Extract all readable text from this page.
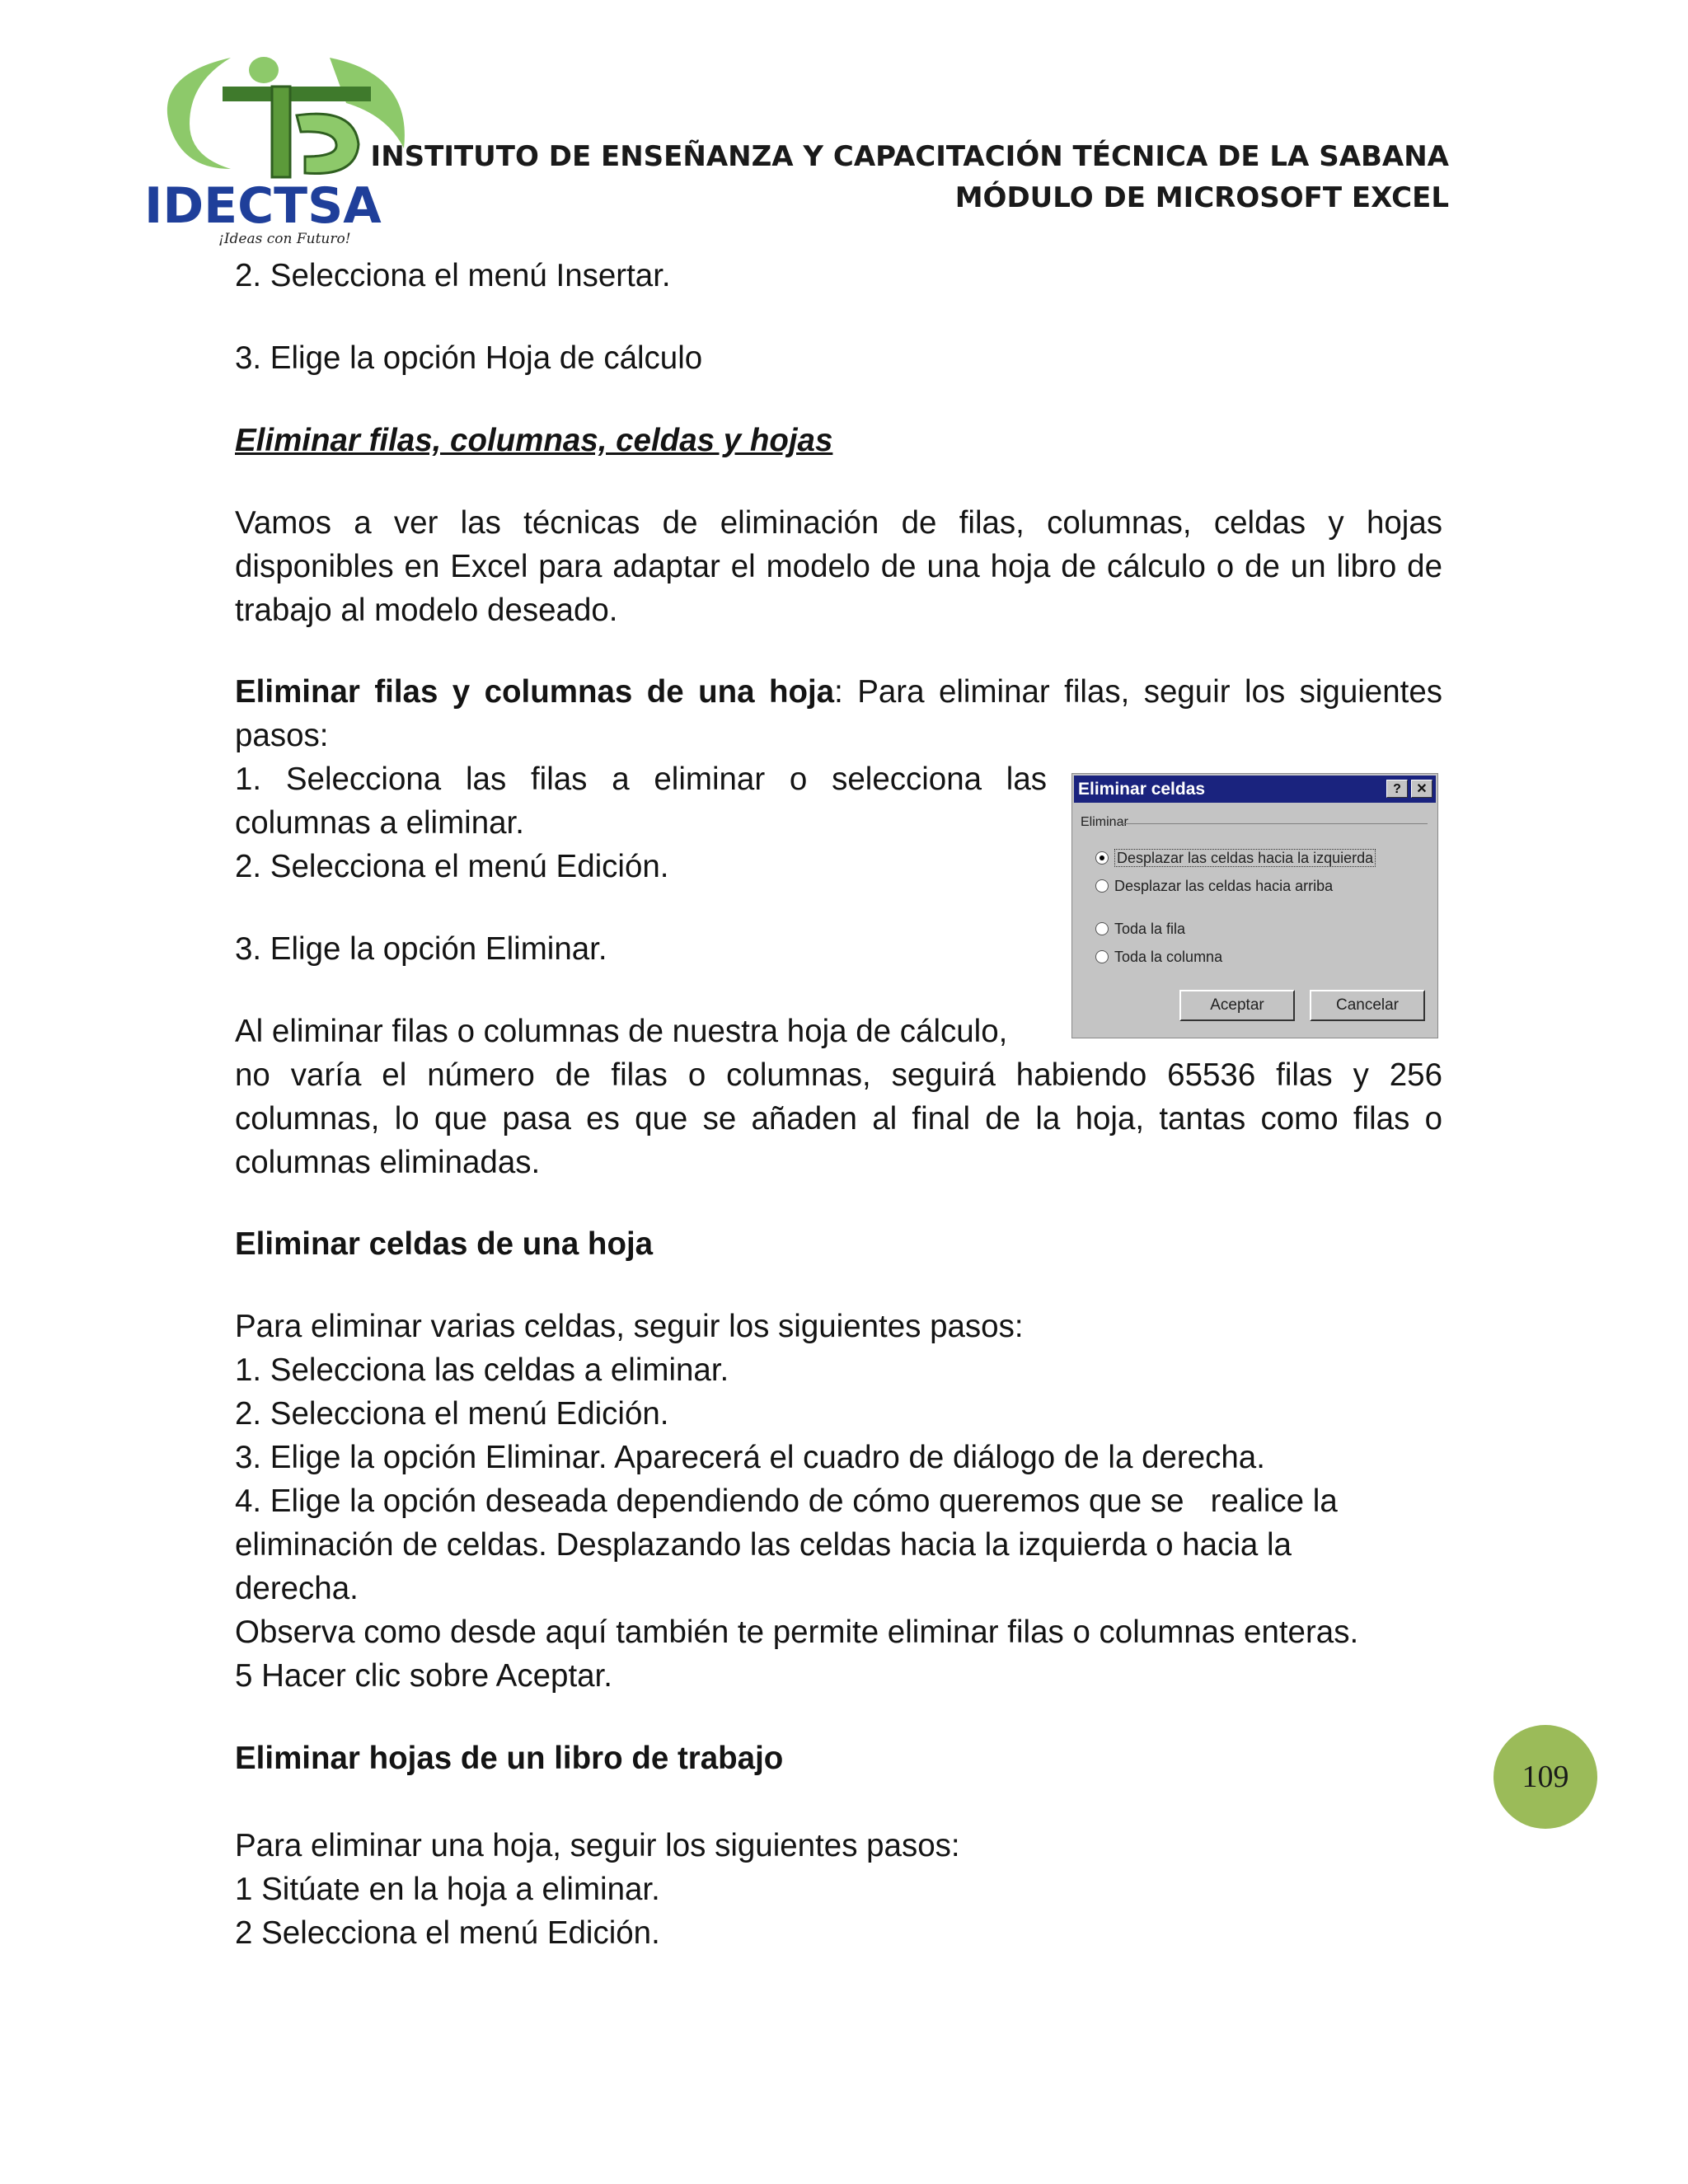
IDECTSA
¡Ideas con Futuro!
INSTITUTO DE ENSEÑANZA Y CAPACITACIÓN TÉCNICA DE LA SABANA
MÓDULO DE MICROSOFT EXCEL
2. Selecciona el menú Insertar.
3. Elige la opción Hoja de cálculo
Eliminar filas, columnas, celdas y hojas
Vamos a ver las técnicas de eliminación de filas, columnas, celdas y hojas disponibles en Excel para adaptar el modelo de una hoja de cálculo o de un libro de trabajo al modelo deseado.
Eliminar filas y columnas de una hoja: Para eliminar filas, seguir los siguientes pasos:
1. Selecciona las filas a eliminar o selecciona las columnas a eliminar.
2. Selecciona el menú Edición.
3. Elige la opción Eliminar.
Al eliminar filas o columnas de nuestra hoja de cálculo,
no varía el número de filas o columnas, seguirá habiendo 65536 filas y 256 columnas, lo que pasa es que se añaden al final de la hoja, tantas como filas o columnas eliminadas.
Eliminar celdas de una hoja
Para eliminar varias celdas, seguir los siguientes pasos:
1. Selecciona las celdas a eliminar.
2. Selecciona el menú Edición.
3. Elige la opción Eliminar. Aparecerá el cuadro de diálogo de la derecha.
4. Elige la opción deseada dependiendo de cómo queremos que se   realice la
eliminación de celdas. Desplazando las celdas hacia la izquierda o hacia la
derecha.
Observa como desde aquí también te permite eliminar filas o columnas enteras.
5 Hacer clic sobre Aceptar.
Eliminar hojas de un libro de trabajo
Para eliminar una hoja, seguir los siguientes pasos:
1 Sitúate en la hoja a eliminar.
2 Selecciona el menú Edición.
Eliminar celdas	?	✕
Eliminar
Desplazar las celdas hacia la izquierda
Desplazar las celdas hacia arriba
Toda la fila
Toda la columna
Aceptar	Cancelar
109
